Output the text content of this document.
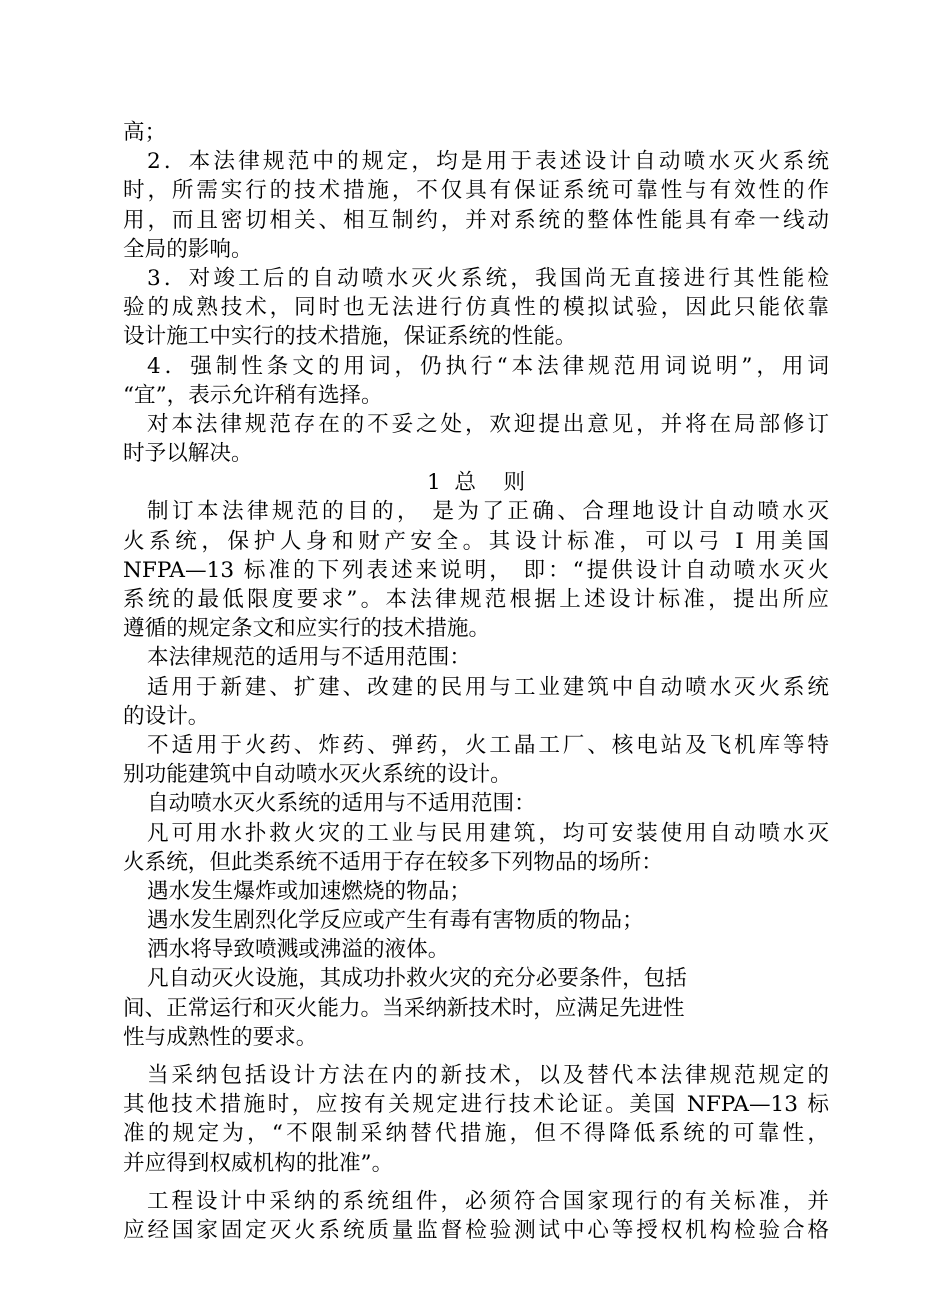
高；
2．本法律规范中的规定，均是用于表述设计自动喷水灭火系统
时，所需实行的技术措施，不仅具有保证系统可靠性与有效性的作
用，而且密切相关、相互制约，并对系统的整体性能具有牵一线动
全局的影响。
3．对竣工后的自动喷水灭火系统，我国尚无直接进行其性能检
验的成熟技术，同时也无法进行仿真性的模拟试验，因此只能依靠
设计施工中实行的技术措施，保证系统的性能。
4．强制性条文的用词，仍执行“本法律规范用词说明”，用词
“宜”，表示允许稍有选择。
对本法律规范存在的不妥之处，欢迎提出意见，并将在局部修订
时予以解决。
1  总    则
制订本法律规范的目的， 是为了正确、合理地设计自动喷水灭
火系统，保护人身和财产安全。其设计标准，可以弓 I 用美国
NFPA—13 标准的下列表述来说明， 即：“提供设计自动喷水灭火
系统的最低限度要求”。本法律规范根据上述设计标准，提出所应
遵循的规定条文和应实行的技术措施。
本法律规范的适用与不适用范围：
适用于新建、扩建、改建的民用与工业建筑中自动喷水灭火系统
的设计。
不适用于火药、炸药、弹药，火工晶工厂、核电站及飞机库等特
别功能建筑中自动喷水灭火系统的设计。
自动喷水灭火系统的适用与不适用范围：
凡可用水扑救火灾的工业与民用建筑，均可安装使用自动喷水灭
火系统，但此类系统不适用于存在较多下列物品的场所：
遇水发生爆炸或加速燃烧的物品；
遇水发生剧烈化学反应或产生有毒有害物质的物品；
洒水将导致喷溅或沸溢的液体。
凡自动灭火设施，其成功扑救火灾的充分必要条件，包括
间、正常运行和灭火能力。当采纳新技术时，应满足先进性
性与成熟性的要求。
当采纳包括设计方法在内的新技术，以及替代本法律规范规定的
其他技术措施时，应按有关规定进行技术论证。美国 NFPA—13 标
准的规定为，“不限制采纳替代措施，但不得降低系统的可靠性，
并应得到权威机构的批准”。
工程设计中采纳的系统组件，必须符合国家现行的有关标准，并
应经国家固定灭火系统质量监督检验测试中心等授权机构检验合格
